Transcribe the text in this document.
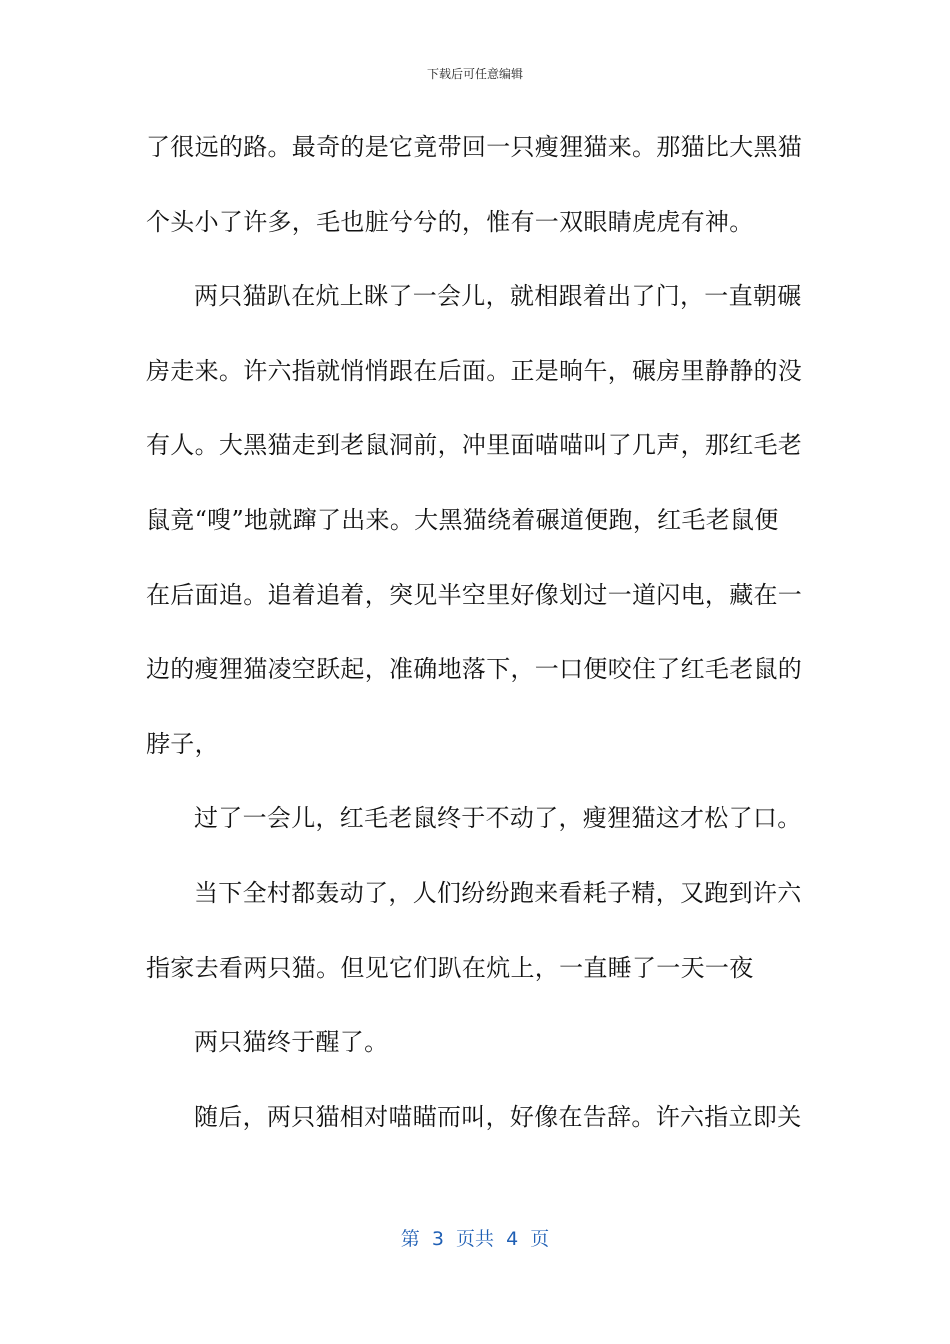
下载后可任意编辑
了很远的路。最奇的是它竟带回一只瘦狸猫来。那猫比大黑猫
个头小了许多，毛也脏兮兮的，惟有一双眼睛虎虎有神。
两只猫趴在炕上眯了一会儿，就相跟着出了门，一直朝碾
房走来。许六指就悄悄跟在后面。正是晌午，碾房里静静的没
有人。大黑猫走到老鼠洞前，冲里面喵喵叫了几声，那红毛老
鼠竟“嗖”地就蹿了出来。大黑猫绕着碾道便跑，红毛老鼠便
在后面追。追着追着，突见半空里好像划过一道闪电，藏在一
边的瘦狸猫凌空跃起，准确地落下，一口便咬住了红毛老鼠的
脖子，
过了一会儿，红毛老鼠终于不动了，瘦狸猫这才松了口。
当下全村都轰动了，人们纷纷跑来看耗子精，又跑到许六
指家去看两只猫。但见它们趴在炕上，一直睡了一天一夜
两只猫终于醒了。
随后，两只猫相对喵瞄而叫，好像在告辞。许六指立即关
第  3  页共  4  页
